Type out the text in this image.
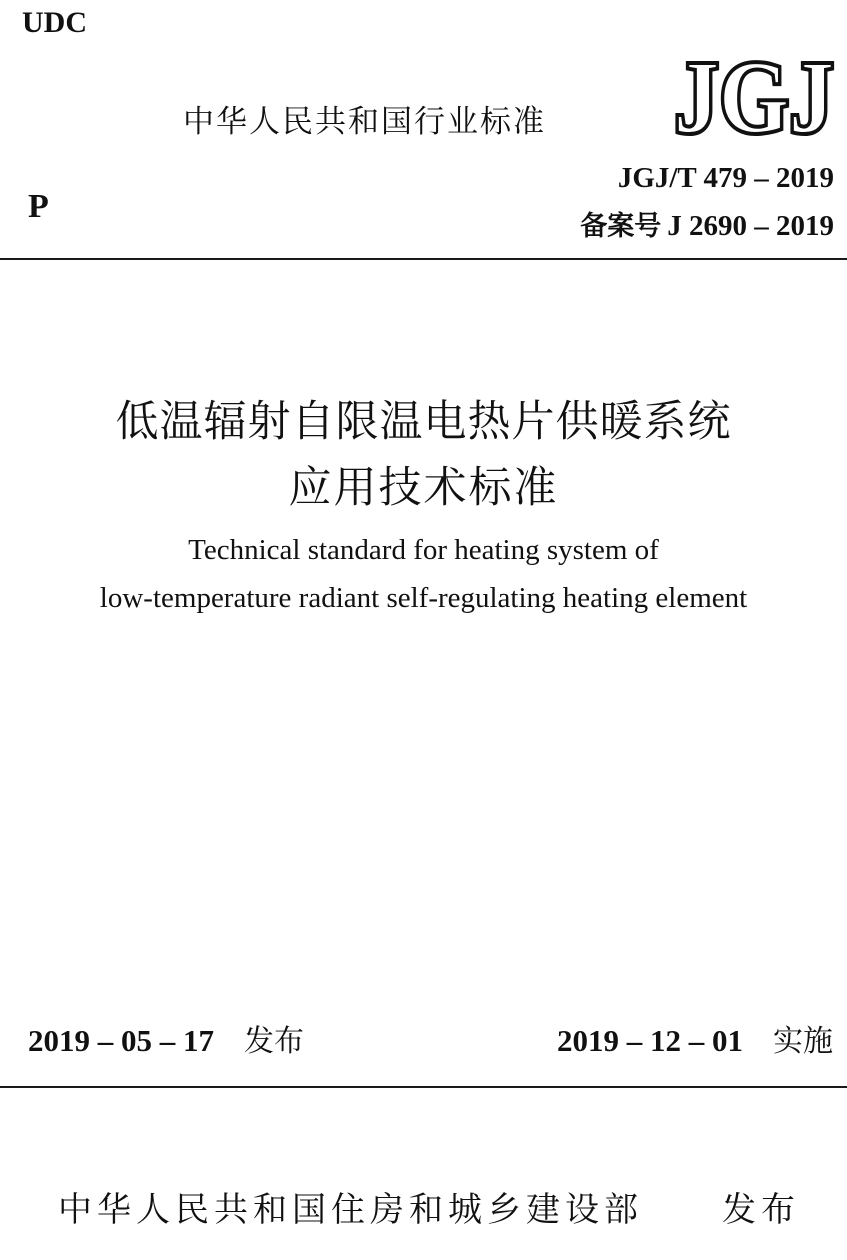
UDC
中华人民共和国行业标准 JGJ
JGJ
P
JGJ/T 479 – 2019
备案号 J 2690 – 2019
低温辐射自限温电热片供暖系统
应用技术标准
Technical standard for heating system of
low-temperature radiant self-regulating heating element
2019 – 05 – 17 发布	2019 – 12 – 01 实施
中华人民共和国住房和城乡建设部 发布
